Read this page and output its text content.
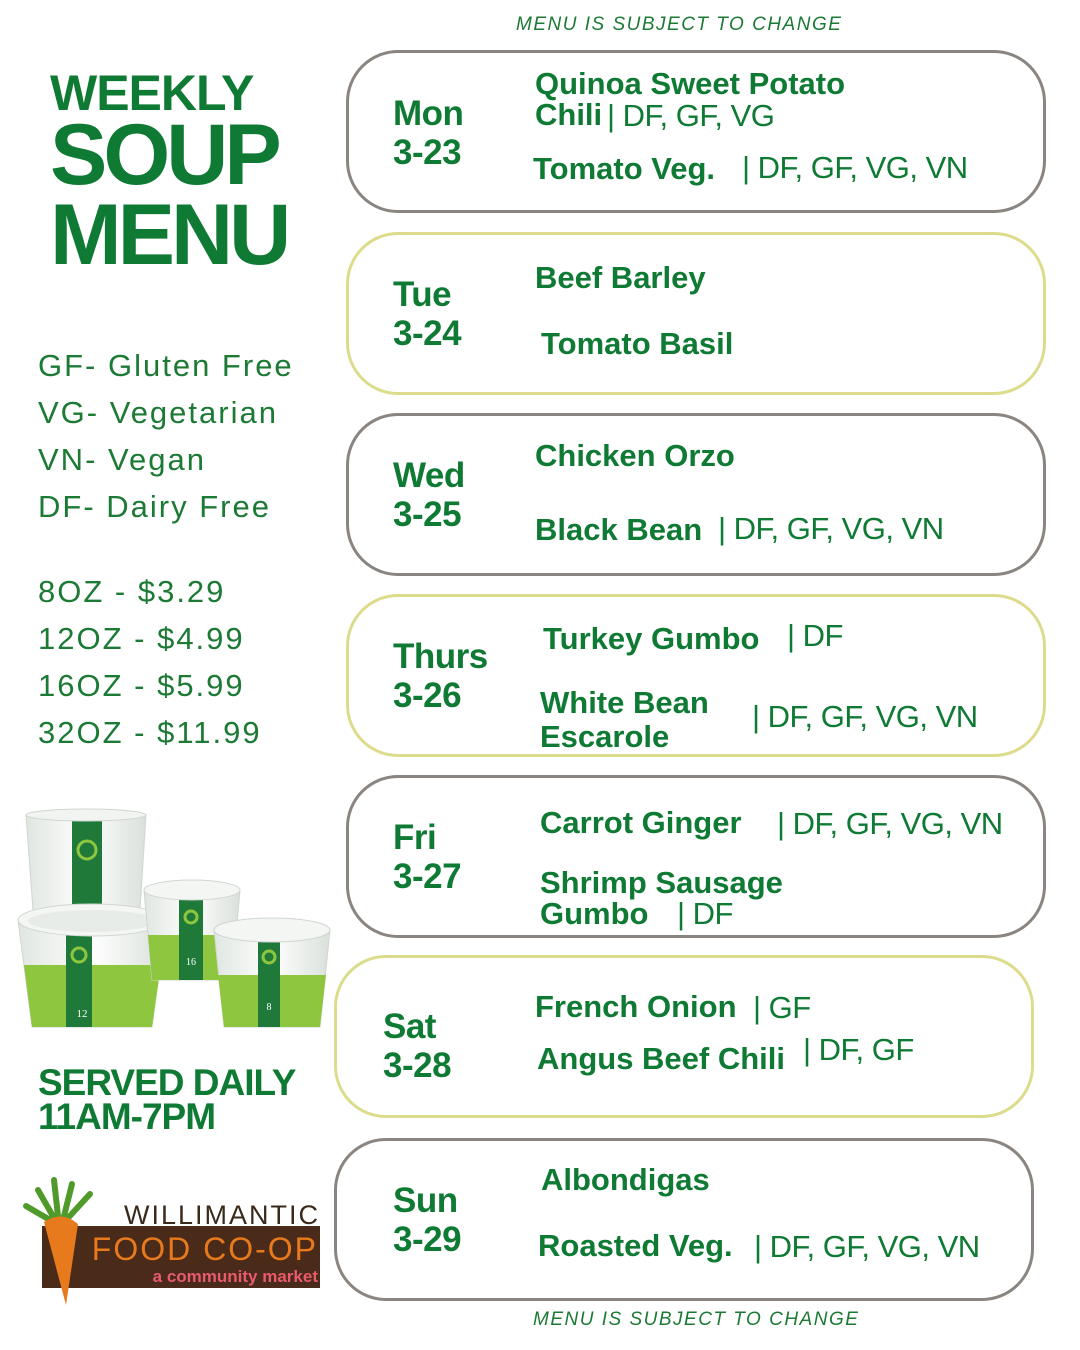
MENU IS SUBJECT TO CHANGE
WEEKLY
SOUP
MENU
GF- Gluten Free
VG- Vegetarian
VN- Vegan
DF- Dairy Free
8OZ - $3.29
12OZ - $4.99
16OZ - $5.99
32OZ - $11.99
12
16
8
SERVED DAILY
11AM-7PM
WILLIMANTIC
FOOD CO-OP
a community market
Mon
3-23
Quinoa Sweet Potato
Chili | DF, GF, VG
Tomato Veg. | DF, GF, VG, VN
Tue
3-24
Beef Barley
Tomato Basil
Wed
3-25
Chicken Orzo
Black Bean | DF, GF, VG, VN
Thurs
3-26
Turkey Gumbo | DF
White Bean
Escarole
| DF, GF, VG, VN
Fri
3-27
Carrot Ginger | DF, GF, VG, VN
Shrimp Sausage
Gumbo | DF
Sat
3-28
French Onion | GF
Angus Beef Chili | DF, GF
Sun
3-29
Albondigas
Roasted Veg. | DF, GF, VG, VN
MENU IS SUBJECT TO CHANGE
